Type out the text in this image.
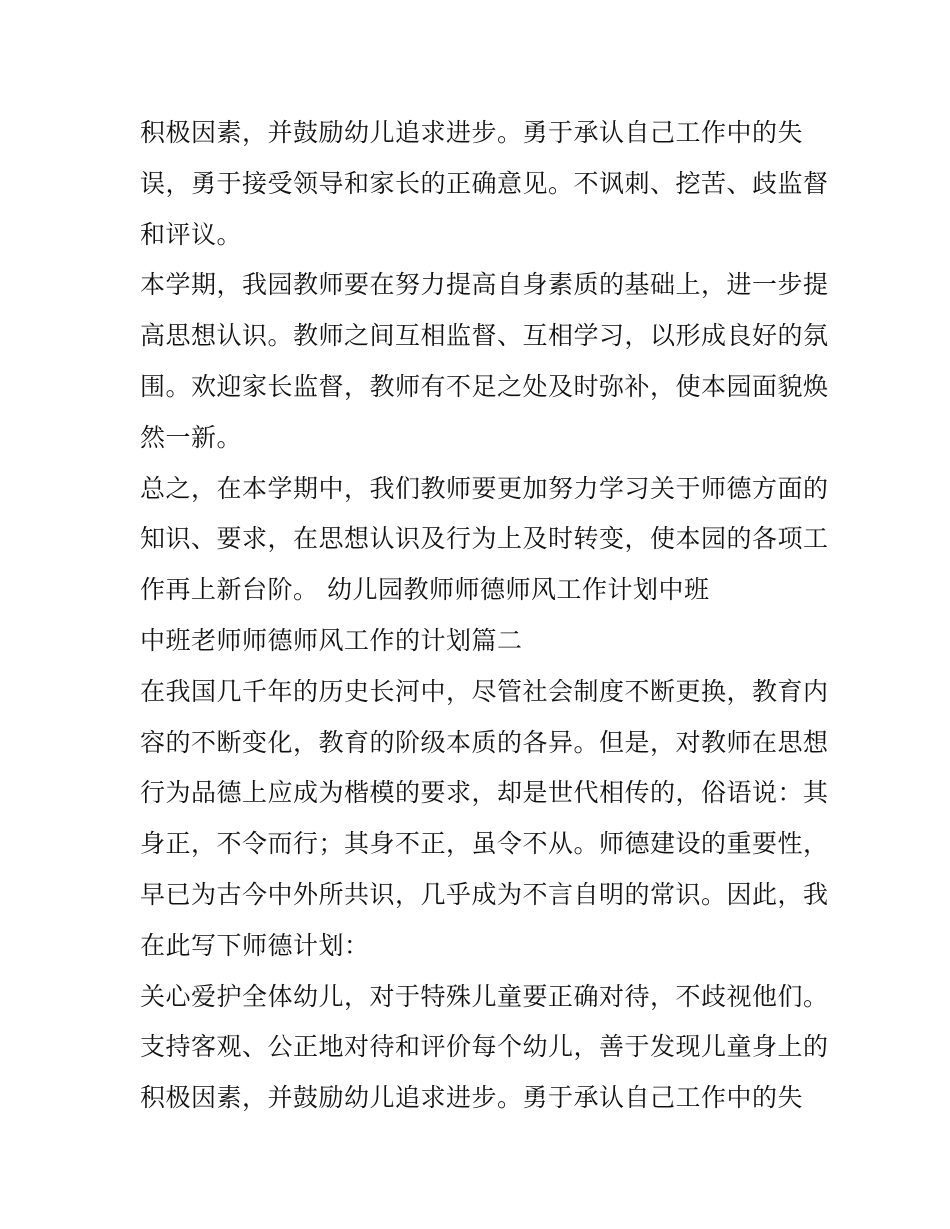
积极因素，并鼓励幼儿追求进步。勇于承认自己工作中的失
误，勇于接受领导和家长的正确意见。不讽刺、挖苦、歧监督
和评议。
本学期，我园教师要在努力提高自身素质的基础上，进一步提
高思想认识。教师之间互相监督、互相学习，以形成良好的氛
围。欢迎家长监督，教师有不足之处及时弥补，使本园面貌焕
然一新。
总之，在本学期中，我们教师要更加努力学习关于师德方面的
知识、要求，在思想认识及行为上及时转变，使本园的各项工
作再上新台阶。 幼儿园教师师德师风工作计划中班
中班老师师德师风工作的计划篇二
在我国几千年的历史长河中，尽管社会制度不断更换，教育内
容的不断变化，教育的阶级本质的各异。但是，对教师在思想
行为品德上应成为楷模的要求，却是世代相传的，俗语说：其
身正，不令而行；其身不正，虽令不从。师德建设的重要性，
早已为古今中外所共识，几乎成为不言自明的常识。因此，我
在此写下师德计划：
关心爱护全体幼儿，对于特殊儿童要正确对待，不歧视他们。
支持客观、公正地对待和评价每个幼儿，善于发现儿童身上的
积极因素，并鼓励幼儿追求进步。勇于承认自己工作中的失
